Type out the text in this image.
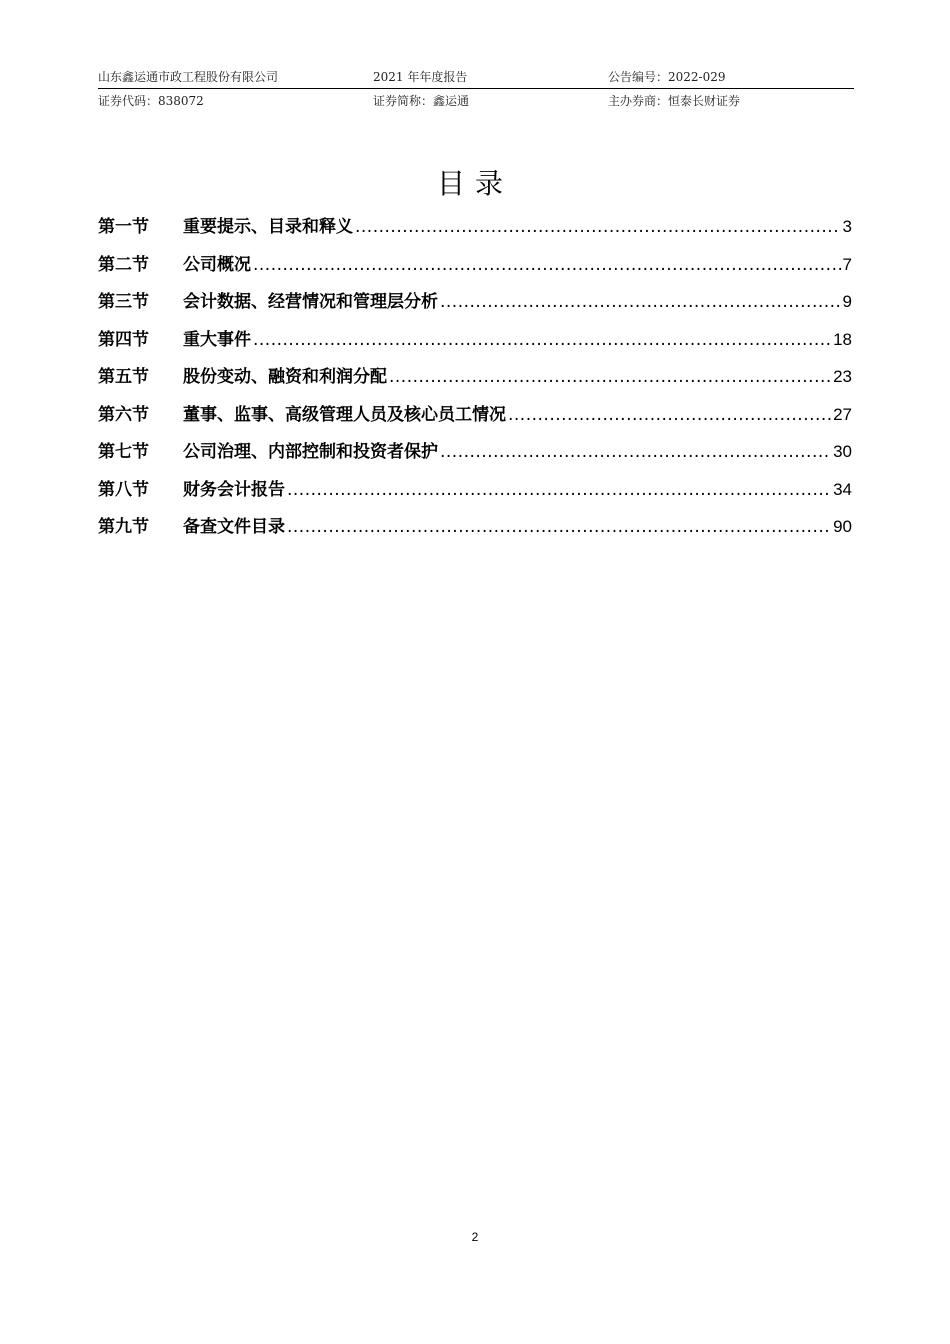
山东鑫运通市政工程股份有限公司	2021 年年度报告	公告编号：2022-029
证券代码：838072	证券简称：鑫运通	主办券商：恒泰长财证券
目录
第一节	重要提示、目录和释义 .....	3
第二节	公司概况 .....	7
第三节	会计数据、经营情况和管理层分析 .....	9
第四节	重大事件 .....	18
第五节	股份变动、融资和利润分配 .....	23
第六节	董事、监事、高级管理人员及核心员工情况 .....	27
第七节	公司治理、内部控制和投资者保护 .....	30
第八节	财务会计报告 .....	34
第九节	备查文件目录 .....	90
2
